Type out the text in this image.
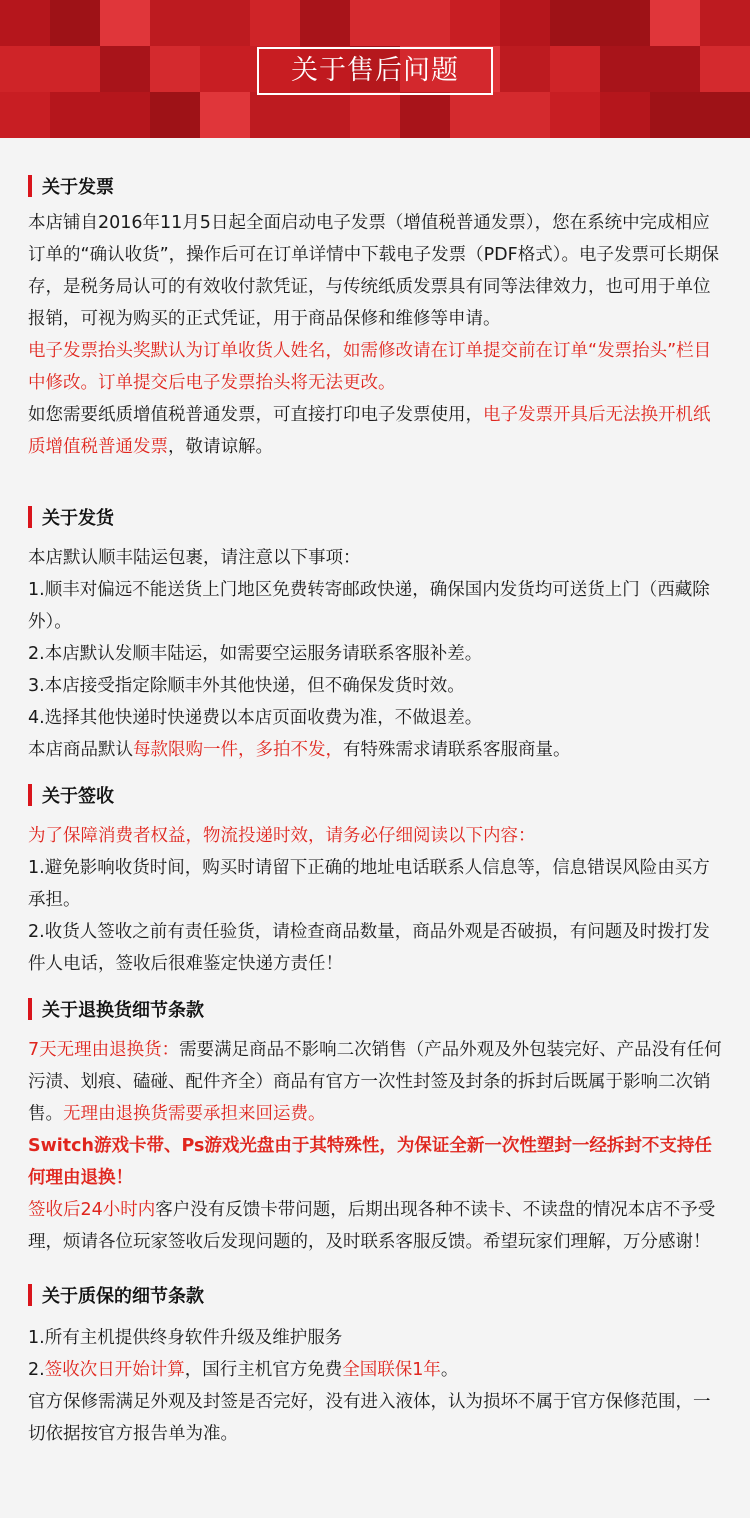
关于售后问题
关于发票

本店铺自2016年11月5日起全面启动电子发票（增值税普通发票），您在系统中完成相应订单的“确认收货”，操作后可在订单详情中下载电子发票（PDF格式）。电子发票可长期保存，是税务局认可的有效收付款凭证，与传统纸质发票具有同等法律效力，也可用于单位报销，可视为购买的正式凭证，用于商品保修和维修等申请。

电子发票抬头奖默认为订单收货人姓名，如需修改请在订单提交前在订单“发票抬头”栏目中修改。订单提交后电子发票抬头将无法更改。

如您需要纸质增值税普通发票，可直接打印电子发票使用，电子发票开具后无法换开机纸质增值税普通发票，敬请谅解。

关于发货

本店默认顺丰陆运包裹，请注意以下事项：

1.顺丰对偏远不能送货上门地区免费转寄邮政快递，确保国内发货均可送货上门（西藏除外）。

2.本店默认发顺丰陆运，如需要空运服务请联系客服补差。

3.本店接受指定除顺丰外其他快递，但不确保发货时效。

4.选择其他快递时快递费以本店页面收费为准，不做退差。

本店商品默认每款限购一件，多拍不发，有特殊需求请联系客服商量。

关于签收

为了保障消费者权益，物流投递时效，请务必仔细阅读以下内容：

1.避免影响收货时间，购买时请留下正确的地址电话联系人信息等，信息错误风险由买方承担。

2.收货人签收之前有责任验货，请检查商品数量，商品外观是否破损，有问题及时拨打发件人电话，签收后很难鉴定快递方责任！

关于退换货细节条款

7天无理由退换货：需要满足商品不影响二次销售（产品外观及外包装完好、产品没有任何污渍、划痕、磕碰、配件齐全）商品有官方一次性封签及封条的拆封后既属于影响二次销售。无理由退换货需要承担来回运费。

Switch游戏卡带、Ps游戏光盘由于其特殊性，为保证全新一次性塑封一经拆封不支持任何理由退换！

签收后24小时内客户没有反馈卡带问题，后期出现各种不读卡、不读盘的情况本店不予受理，烦请各位玩家签收后发现问题的，及时联系客服反馈。希望玩家们理解，万分感谢！

关于质保的细节条款

1.所有主机提供终身软件升级及维护服务

2.签收次日开始计算，国行主机官方免费全国联保1年。

官方保修需满足外观及封签是否完好，没有进入液体，认为损坏不属于官方保修范围，一切依据按官方报告单为准。
